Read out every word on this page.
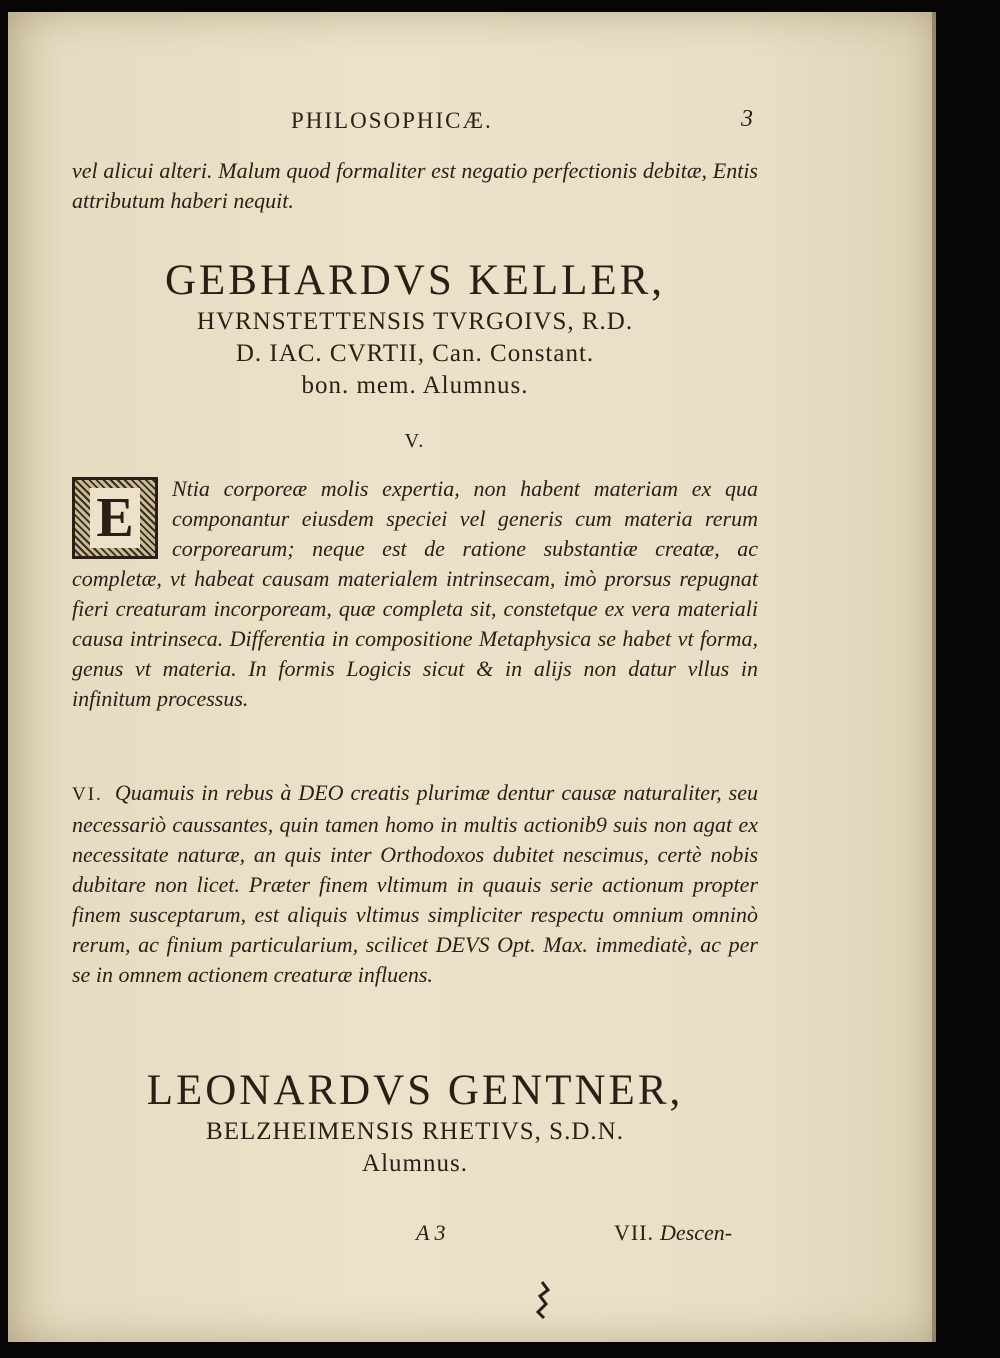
PHILOSOPHICÆ.	3

vel alicui alteri. Malum quod formaliter est negatio perfectionis debitæ, Entis attributum haberi nequit.

GEBHARDVS KELLER,
HVRNSTETTENSIS TVRGOIVS, R.D.
D. IAC. CVRTII, Can. Constant.
bon. mem. Alumnus.
V.
E	Ntia corporeæ molis expertia, non habent materiam ex qua componantur eiusdem speciei vel generis cum materia rerum corporearum; neque est de ratione substantiæ creatæ, ac completæ, vt habeat causam materialem intrinsecam, imò prorsus repugnat fieri creaturam incorpoream, quæ completa sit, constetque ex vera materiali causa intrinseca. Differentia in compositione Metaphysica se habet vt forma, genus vt materia. In formis Logicis sicut & in alijs non datur vllus in infinitum processus.

VI. Quamuis in rebus à DEO creatis plurimæ dentur causæ naturaliter, seu necessariò caussantes, quin tamen homo in multis actionib9 suis non agat ex necessitate naturæ, an quis inter Orthodoxos dubitet nescimus, certè nobis dubitare non licet. Præter finem vltimum in quauis serie actionum propter finem susceptarum, est aliquis vltimus simpliciter respectu omnium omninò rerum, ac finium particularium, scilicet DEVS Opt. Max. immediatè, ac per se in omnem actionem creaturæ influens.

LEONARDVS GENTNER,
BELZHEIMENSIS RHETIVS, S.D.N.
Alumnus.
A 3	VII. Descen-
